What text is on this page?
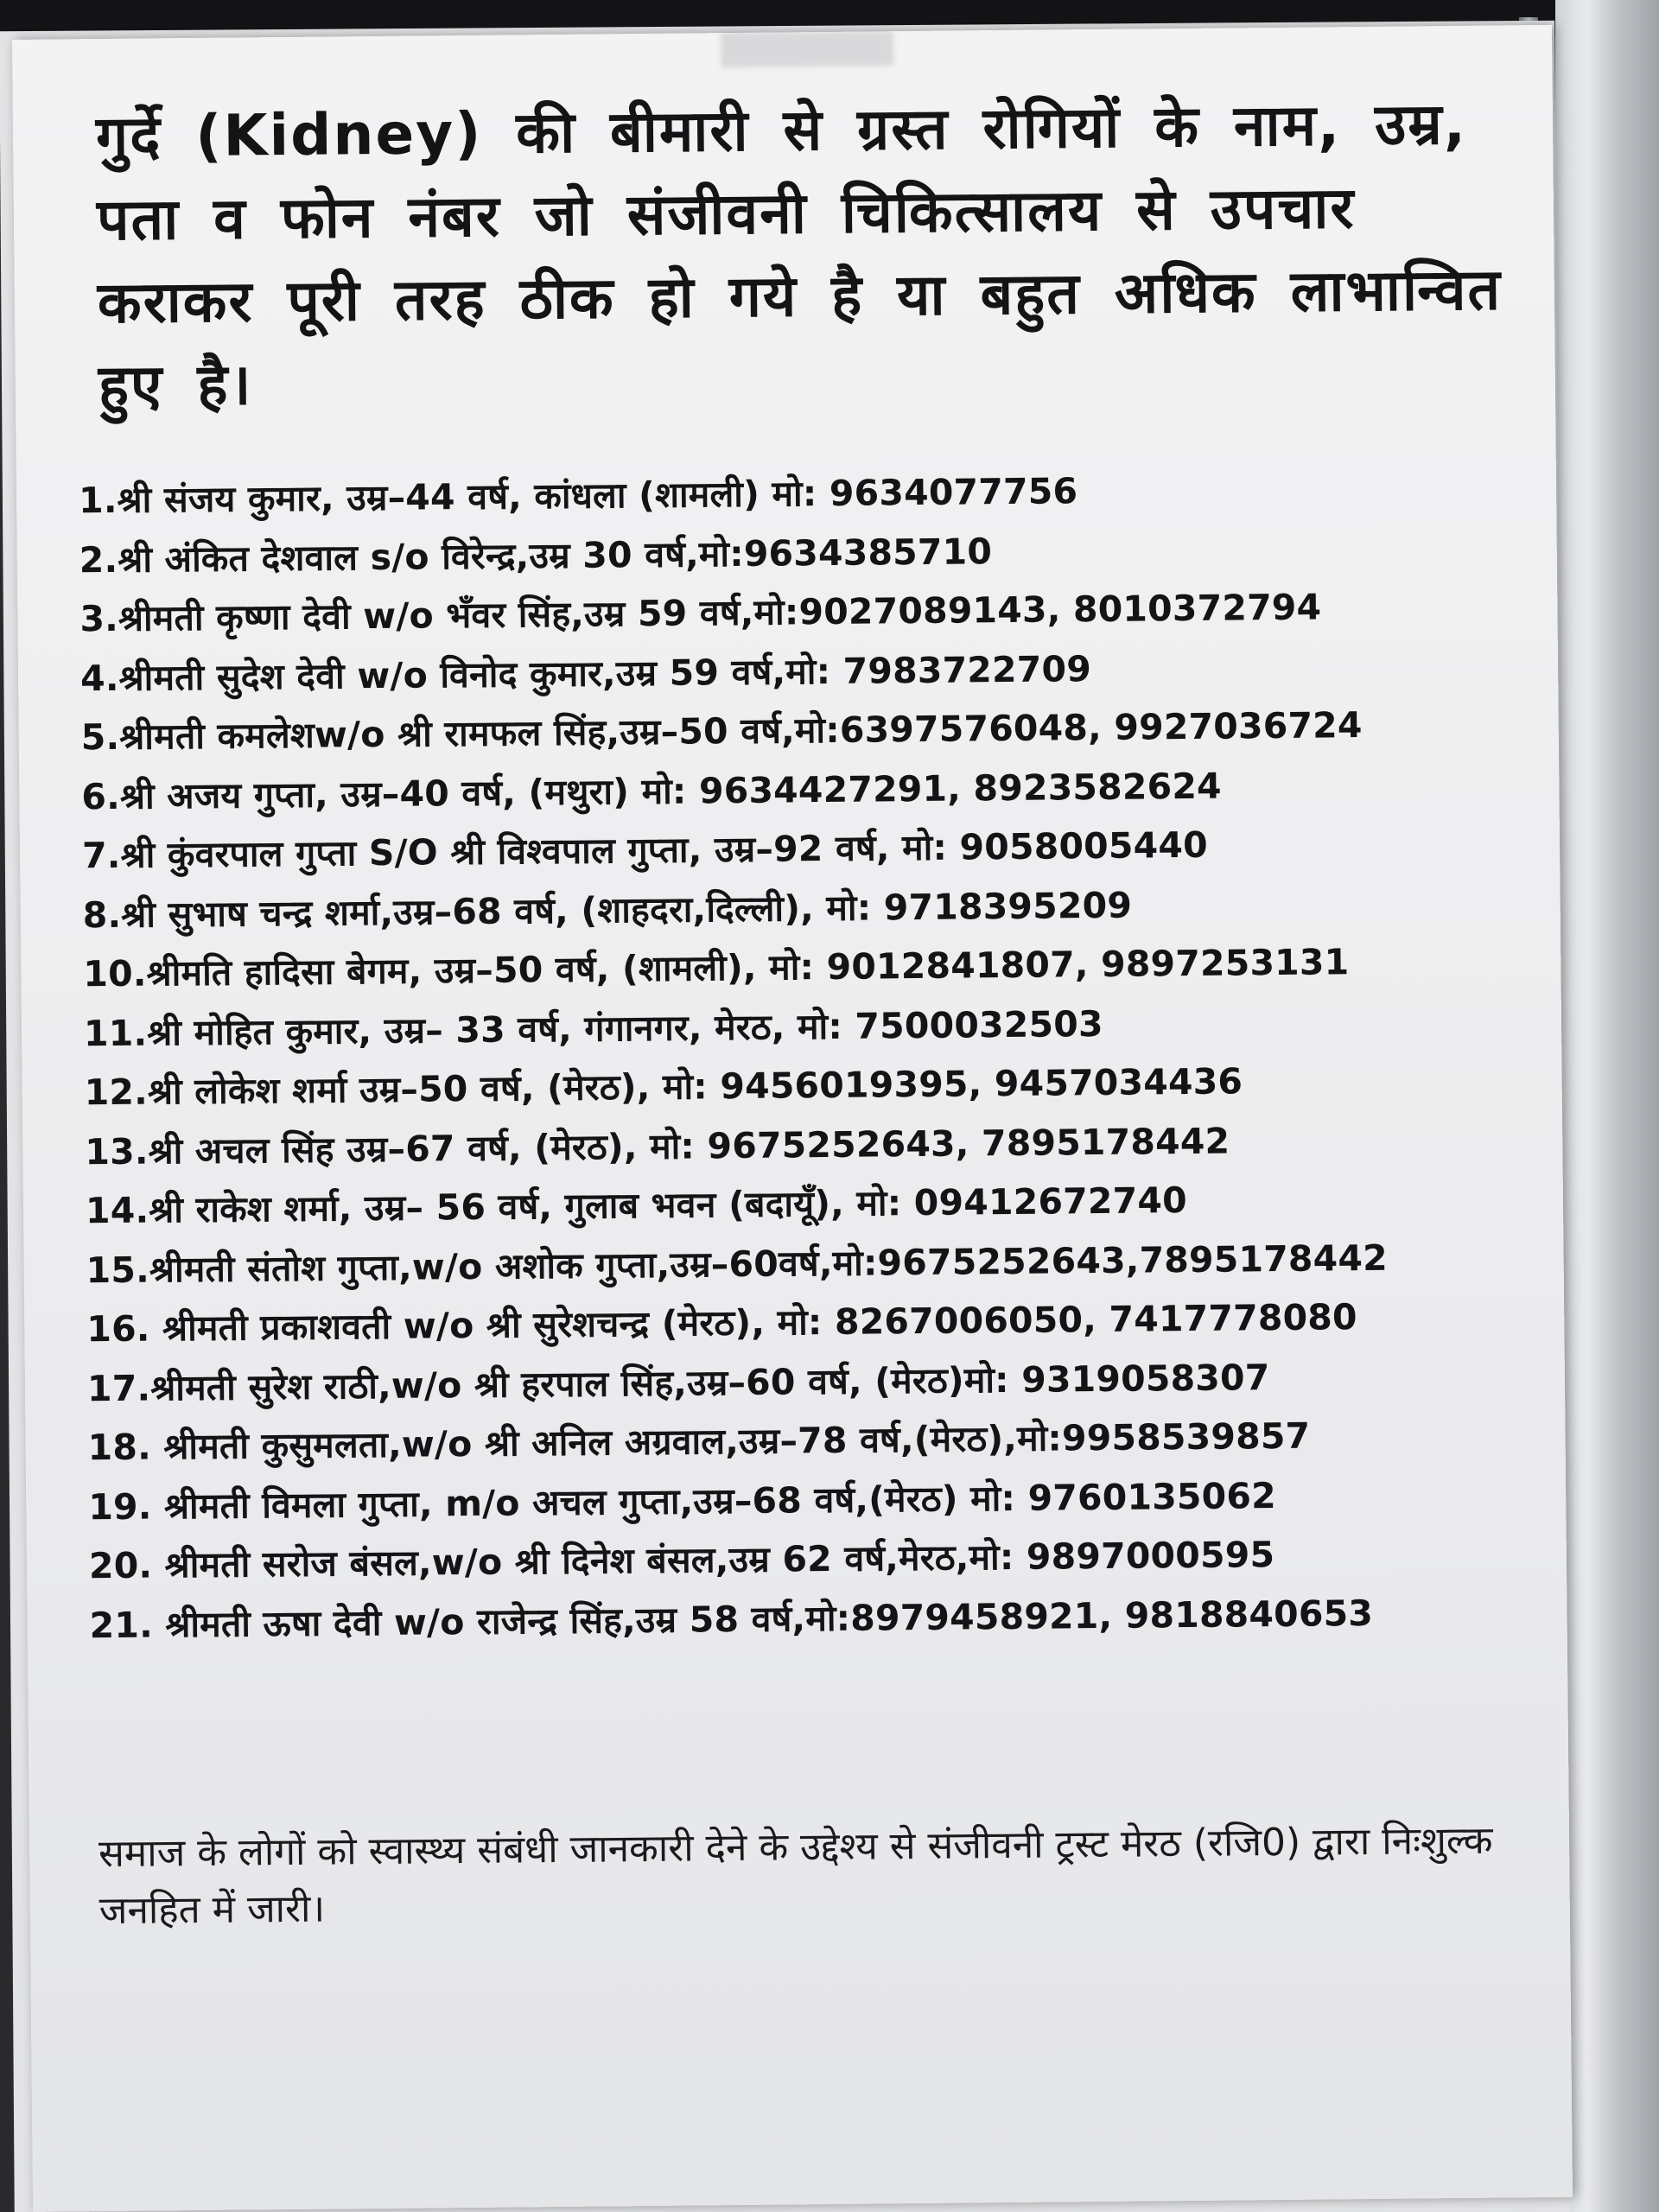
गुर्दे (Kidney) की बीमारी से ग्रस्त रोगियों के नाम, उम्र, पता व फोन नंबर जो संजीवनी चिकित्सालय से उपचार कराकर पूरी तरह ठीक हो गये है या बहुत अधिक लाभान्वित हुए है।
1.श्री संजय कुमार, उम्र–44 वर्ष, कांधला (शामली) मो: 9634077756
2.श्री अंकित देशवाल s/o विरेन्द्र,उम्र 30 वर्ष,मो:9634385710
3.श्रीमती कृष्णा देवी w/o भँवर सिंह,उम्र 59 वर्ष,मो:9027089143, 8010372794
4.श्रीमती सुदेश देवी w/o विनोद कुमार,उम्र 59 वर्ष,मो: 7983722709
5.श्रीमती कमलेशw/o श्री रामफल सिंह,उम्र–50 वर्ष,मो:6397576048, 9927036724
6.श्री अजय गुप्ता, उम्र–40 वर्ष, (मथुरा) मो: 9634427291, 8923582624
7.श्री कुंवरपाल गुप्ता S/O श्री विश्वपाल गुप्ता, उम्र–92 वर्ष, मो: 9058005440
8.श्री सुभाष चन्द्र शर्मा,उम्र–68 वर्ष, (शाहदरा,दिल्ली), मो: 9718395209
10.श्रीमति हादिसा बेगम, उम्र–50 वर्ष, (शामली), मो: 9012841807, 9897253131
11.श्री मोहित कुमार, उम्र– 33 वर्ष, गंगानगर, मेरठ, मो: 7500032503
12.श्री लोकेश शर्मा उम्र–50 वर्ष, (मेरठ), मो: 9456019395, 9457034436
13.श्री अचल सिंह उम्र–67 वर्ष, (मेरठ), मो: 9675252643, 7895178442
14.श्री राकेश शर्मा, उम्र– 56 वर्ष, गुलाब भवन (बदायूँ), मो: 09412672740
15.श्रीमती संतोश गुप्ता,w/o अशोक गुप्ता,उम्र–60वर्ष,मो:9675252643,7895178442
16. श्रीमती प्रकाशवती w/o श्री सुरेशचन्द्र (मेरठ), मो: 8267006050, 7417778080
17.श्रीमती सुरेश राठी,w/o श्री हरपाल सिंह,उम्र–60 वर्ष, (मेरठ)मो: 9319058307
18. श्रीमती कुसुमलता,w/o श्री अनिल अग्रवाल,उम्र–78 वर्ष,(मेरठ),मो:9958539857
19. श्रीमती विमला गुप्ता, m/o अचल गुप्ता,उम्र–68 वर्ष,(मेरठ) मो: 9760135062
20. श्रीमती सरोज बंसल,w/o श्री दिनेश बंसल,उम्र 62 वर्ष,मेरठ,मो: 9897000595
21. श्रीमती ऊषा देवी w/o राजेन्द्र सिंह,उम्र 58 वर्ष,मो:8979458921, 9818840653

समाज के लोगों को स्वास्थ्य संबंधी जानकारी देने के उद्देश्य से संजीवनी ट्रस्ट मेरठ (रजि0) द्वारा निःशुल्क जनहित में जारी।
